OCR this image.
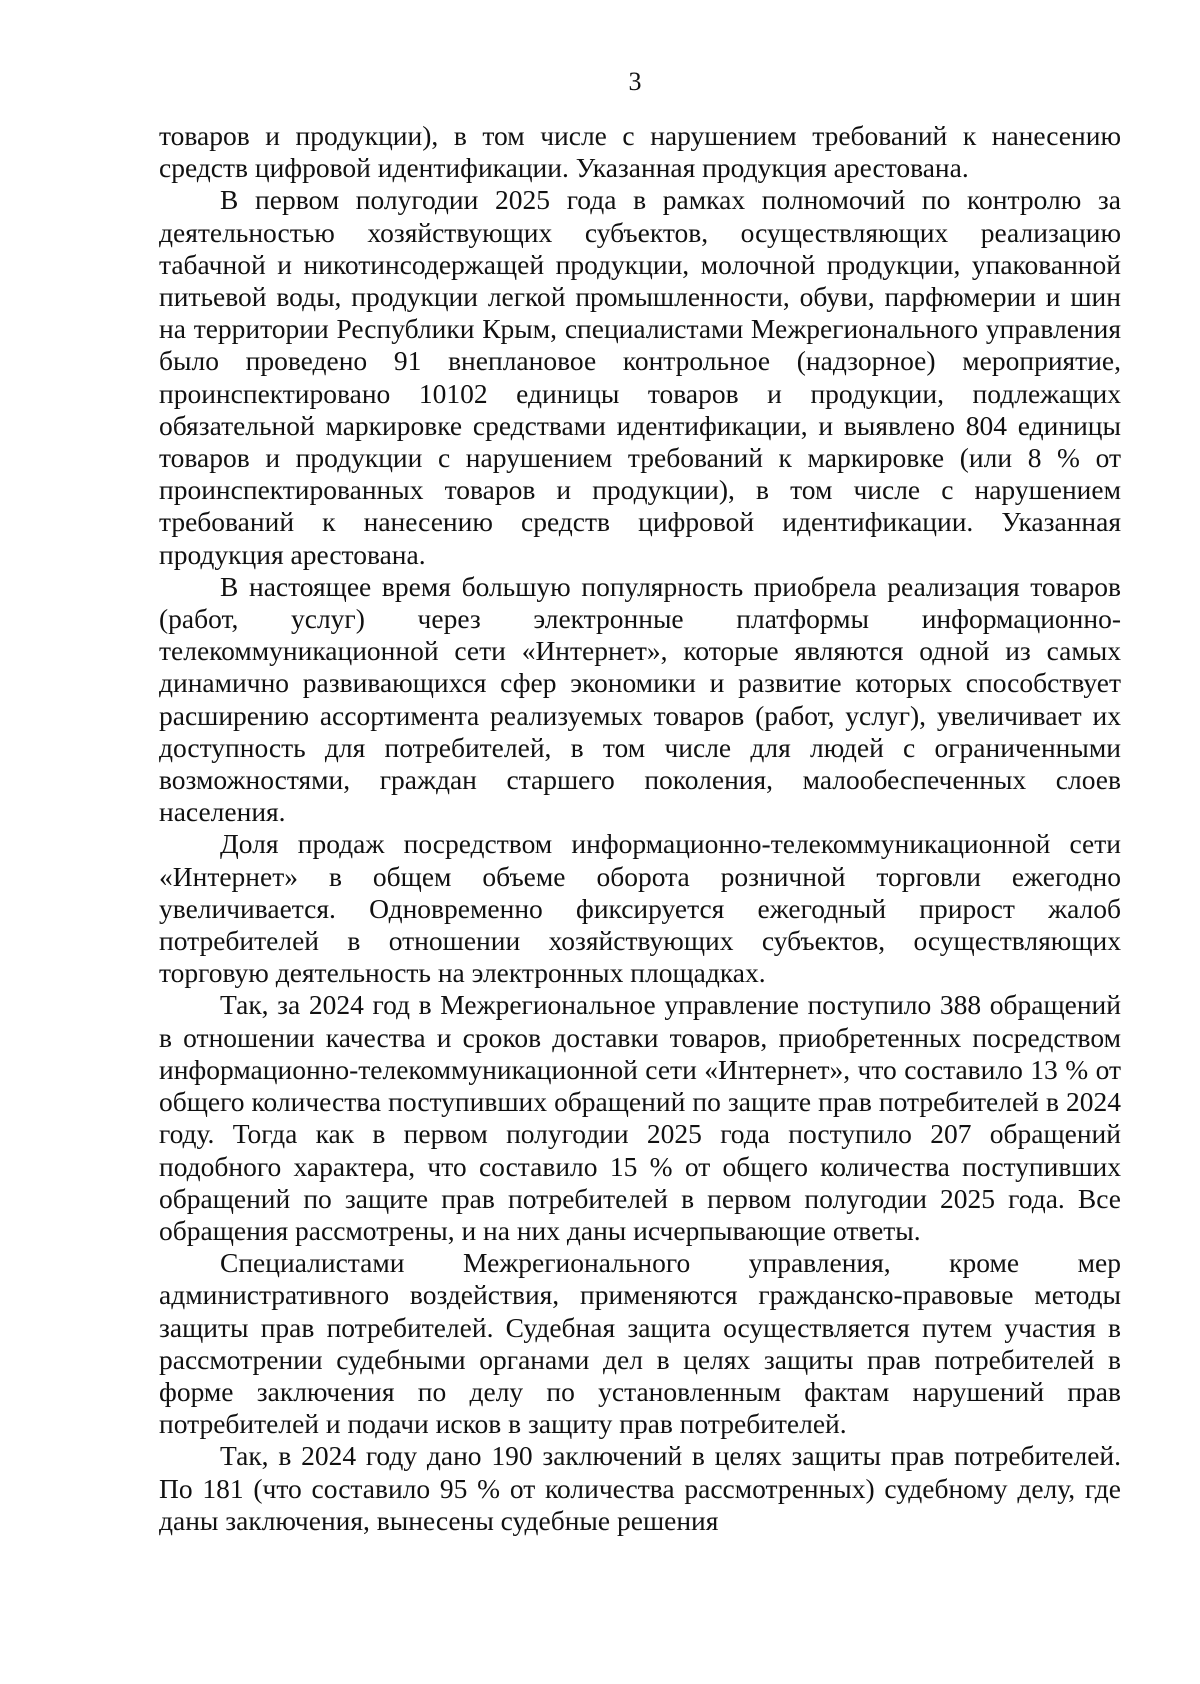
3

товаров и продукции), в том числе с нарушением требований к нанесению средств цифровой идентификации. Указанная продукция арестована.

В первом полугодии 2025 года в рамках полномочий по контролю за деятельностью хозяйствующих субъектов, осуществляющих реализацию табачной и никотинсодержащей продукции, молочной продукции, упакованной питьевой воды, продукции легкой промышленности, обуви, парфюмерии и шин на территории Республики Крым, специалистами Межрегионального управления было проведено 91 внеплановое контрольное (надзорное) мероприятие, проинспектировано 10102 единицы товаров и продукции, подлежащих обязательной маркировке средствами идентификации, и выявлено 804 единицы товаров и продукции с нарушением требований к маркировке (или 8 % от проинспектированных товаров и продукции), в том числе с нарушением требований к нанесению средств цифровой идентификации. Указанная продукция арестована.

В настоящее время большую популярность приобрела реализация товаров (работ, услуг) через электронные платформы информационно-телекоммуникационной сети «Интернет», которые являются одной из самых динамично развивающихся сфер экономики и развитие которых способствует расширению ассортимента реализуемых товаров (работ, услуг), увеличивает их доступность для потребителей, в том числе для людей с ограниченными возможностями, граждан старшего поколения, малообеспеченных слоев населения.

Доля продаж посредством информационно-телекоммуникационной сети «Интернет» в общем объеме оборота розничной торговли ежегодно увеличивается. Одновременно фиксируется ежегодный прирост жалоб потребителей в отношении хозяйствующих субъектов, осуществляющих торговую деятельность на электронных площадках.

Так, за 2024 год в Межрегиональное управление поступило 388 обращений в отношении качества и сроков доставки товаров, приобретенных посредством информационно-телекоммуникационной сети «Интернет», что составило 13 % от общего количества поступивших обращений по защите прав потребителей в 2024 году. Тогда как в первом полугодии 2025 года поступило 207 обращений подобного характера, что составило 15 % от общего количества поступивших обращений по защите прав потребителей в первом полугодии 2025 года. Все обращения рассмотрены, и на них даны исчерпывающие ответы.

Специалистами Межрегионального управления, кроме мер административного воздействия, применяются гражданско-правовые методы защиты прав потребителей. Судебная защита осуществляется путем участия в рассмотрении судебными органами дел в целях защиты прав потребителей в форме заключения по делу по установленным фактам нарушений прав потребителей и подачи исков в защиту прав потребителей.

Так, в 2024 году дано 190 заключений в целях защиты прав потребителей. По 181 (что составило 95 % от количества рассмотренных) судебному делу, где даны заключения, вынесены судебные решения
